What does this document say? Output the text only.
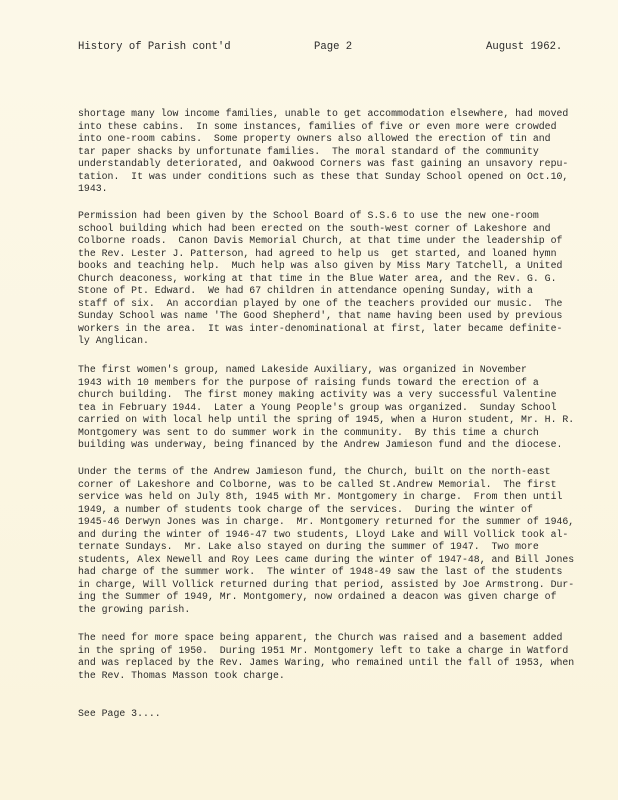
History of Parish cont'd	Page 2	August 1962.

shortage many low income families, unable to get accommodation elsewhere, had moved
into these cabins.  In some instances, families of five or even more were crowded
into one-room cabins.  Some property owners also allowed the erection of tin and
tar paper shacks by unfortunate families.  The moral standard of the community
understandably deteriorated, and Oakwood Corners was fast gaining an unsavory repu-
tation.  It was under conditions such as these that Sunday School opened on Oct.10,
1943.

Permission had been given by the School Board of S.S.6 to use the new one-room
school building which had been erected on the south-west corner of Lakeshore and
Colborne roads.  Canon Davis Memorial Church, at that time under the leadership of
the Rev. Lester J. Patterson, had agreed to help us  get started, and loaned hymn
books and teaching help.  Much help was also given by Miss Mary Tatchell, a United
Church deaconess, working at that time in the Blue Water area, and the Rev. G. G.
Stone of Pt. Edward.  We had 67 children in attendance opening Sunday, with a
staff of six.  An accordian played by one of the teachers provided our music.  The
Sunday School was name 'The Good Shepherd', that name having been used by previous
workers in the area.  It was inter-denominational at first, later became definite-
ly Anglican.

The first women's group, named Lakeside Auxiliary, was organized in November
1943 with 10 members for the purpose of raising funds toward the erection of a
church building.  The first money making activity was a very successful Valentine
tea in February 1944.  Later a Young People's group was organized.  Sunday School
carried on with local help until the spring of 1945, when a Huron student, Mr. H. R.
Montgomery was sent to do summer work in the community.  By this time a church
building was underway, being financed by the Andrew Jamieson fund and the diocese.

Under the terms of the Andrew Jamieson fund, the Church, built on the north-east
corner of Lakeshore and Colborne, was to be called St.Andrew Memorial.  The first
service was held on July 8th, 1945 with Mr. Montgomery in charge.  From then until
1949, a number of students took charge of the services.  During the winter of
1945-46 Derwyn Jones was in charge.  Mr. Montgomery returned for the summer of 1946,
and during the winter of 1946-47 two students, Lloyd Lake and Will Vollick took al-
ternate Sundays.  Mr. Lake also stayed on during the summer of 1947.  Two more
students, Alex Newell and Roy Lees came during the winter of 1947-48, and Bill Jones
had charge of the summer work.  The winter of 1948-49 saw the last of the students
in charge, Will Vollick returned during that period, assisted by Joe Armstrong. Dur-
ing the Summer of 1949, Mr. Montgomery, now ordained a deacon was given charge of
the growing parish.

The need for more space being apparent, the Church was raised and a basement added
in the spring of 1950.  During 1951 Mr. Montgomery left to take a charge in Watford
and was replaced by the Rev. James Waring, who remained until the fall of 1953, when
the Rev. Thomas Masson took charge.

See Page 3....
